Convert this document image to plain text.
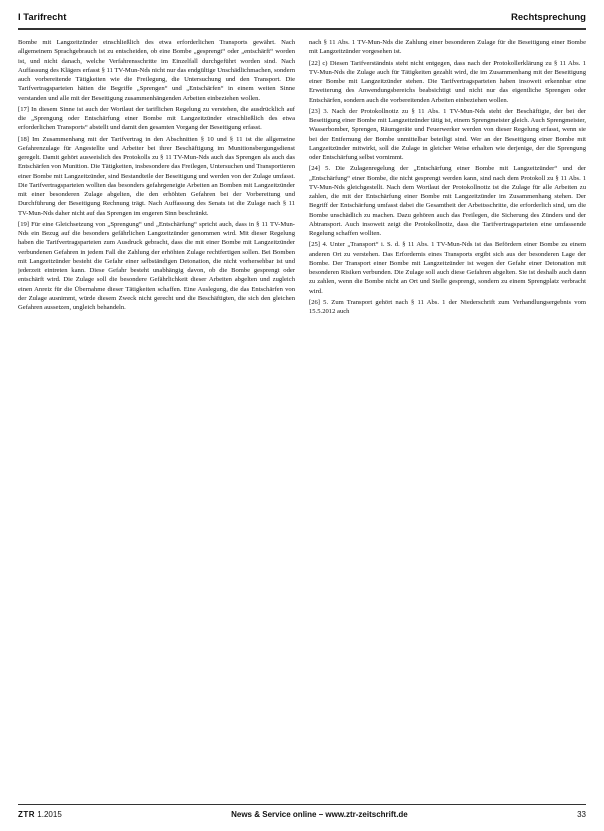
I Tarifrecht	Rechtsprechung

Bombe mit Langzeitzünder einschließlich des etwa erforderlichen Transports gewährt. Nach allgemeinem Sprachgebrauch ist zu entscheiden, ob eine Bombe „gesprengt“ oder „entschärft“ worden ist, und nicht danach, welche Verfahrensschritte im Einzelfall durchgeführt worden sind. Nach Auffassung des Klägers erfasst § 11 TV-Mun-Nds nicht nur das endgültige Unschädlichmachen, sondern auch vorbereitende Tätigkeiten wie die Freilegung, die Untersuchung und den Transport. Die Tarifvertragsparteien hätten die Begriffe „Sprengen“ und „Entschärfen“ in einem weiten Sinne verstanden und alle mit der Beseitigung zusammenhängenden Arbeiten einbeziehen wollen.

[17] In diesem Sinne ist auch der Wortlaut der tariflichen Regelung zu verstehen, die ausdrücklich auf die „Sprengung oder Entschärfung einer Bombe mit Langzeitzünder einschließlich des etwa erforderlichen Transports“ abstellt und damit den gesamten Vorgang der Beseitigung erfasst.

[18] Im Zusammenhang mit der Tarifvertrag in den Abschnitten § 10 und § 11 ist die allgemeine Gefahrenzulage für Angestellte und Arbeiter bei ihrer Beschäftigung im Munitionsbergungsdienst geregelt. Damit gehört ausweislich des Protokolls zu § 11 TV-Mun-Nds auch das Sprengen als auch das Entschärfen von Munition. Die Tätigkeiten, insbesondere das Freilegen, Untersuchen und Transportieren einer Bombe mit Langzeitzünder, sind Bestandteile der Beseitigung und werden von der Zulage umfasst. Die Tarifvertragsparteien wollten das besonders gefahrgeneigte Arbeiten an Bomben mit Langzeitzünder mit einer besonderen Zulage abgelten, die den erhöhten Gefahren bei der Vorbereitung und Durchführung der Beseitigung Rechnung trägt. Nach Auffassung des Senats ist die Zulage nach § 11 TV-Mun-Nds daher nicht auf das Sprengen im engeren Sinn beschränkt.

[19] Für eine Gleichsetzung von „Sprengung“ und „Entschärfung“ spricht auch, dass in § 11 TV-Mun-Nds ein Bezug auf die besonders gefährlichen Langzeitzünder genommen wird. Mit dieser Regelung haben die Tarifvertragsparteien zum Ausdruck gebracht, dass die mit einer Bombe mit Langzeitzünder verbundenen Gefahren in jedem Fall die Zahlung der erhöhten Zulage rechtfertigen sollen. Bei Bomben mit Langzeitzünder besteht die Gefahr einer selbständigen Detonation, die nicht vorhersehbar ist und jederzeit eintreten kann. Diese Gefahr besteht unabhängig davon, ob die Bombe gesprengt oder entschärft wird. Die Zulage soll die besondere Gefährlichkeit dieser Arbeiten abgelten und zugleich einen Anreiz für die Übernahme dieser Tätigkeiten schaffen. Eine Auslegung, die das Entschärfen von der Zulage ausnimmt, würde diesem Zweck nicht gerecht und die Beschäftigten, die sich den gleichen Gefahren aussetzen, ungleich behandeln.

nach § 11 Abs. 1 TV-Mun-Nds die Zahlung einer besonderen Zulage für die Beseitigung einer Bombe mit Langzeitzünder vorgesehen ist.

[22] c) Diesen Tarifverständnis steht nicht entgegen, dass nach der Protokollerklärung zu § 11 Abs. 1 TV-Mun-Nds die Zulage auch für Tätigkeiten gezahlt wird, die im Zusammenhang mit der Beseitigung einer Bombe mit Langzeitzünder stehen. Die Tarifvertragsparteien haben insoweit erkennbar eine Erweiterung des Anwendungsbereichs beabsichtigt und nicht nur das eigentliche Sprengen oder Entschärfen, sondern auch die vorbereitenden Arbeiten einbeziehen wollen.

[23] 3. Nach der Protokollnotiz zu § 11 Abs. 1 TV-Mun-Nds steht der Beschäftigte, der bei der Beseitigung einer Bombe mit Langzeitzünder tätig ist, einem Sprengmeister gleich. Auch Sprengmeister, Wasserbomber, Sprengen, Räumgeräte und Feuerwerker werden von dieser Regelung erfasst, wenn sie bei der Entfernung der Bombe unmittelbar beteiligt sind. Wer an der Beseitigung einer Bombe mit Langzeitzünder mitwirkt, soll die Zulage in gleicher Weise erhalten wie derjenige, der die Sprengung oder Entschärfung selbst vornimmt.

[24] 5. Die Zulagenregelung der „Entschärfung einer Bombe mit Langzeitzünder“ und der „Entschärfung“ einer Bombe, die nicht gesprengt werden kann, sind nach dem Protokoll zu § 11 Abs. 1 TV-Mun-Nds gleichgestellt. Nach dem Wortlaut der Protokollnotiz ist die Zulage für alle Arbeiten zu zahlen, die mit der Entschärfung einer Bombe mit Langzeitzünder im Zusammenhang stehen. Der Begriff der Entschärfung umfasst dabei die Gesamtheit der Arbeitsschritte, die erforderlich sind, um die Bombe unschädlich zu machen. Dazu gehören auch das Freilegen, die Sicherung des Zünders und der Abtransport. Auch insoweit zeigt die Protokollnotiz, dass die Tarifvertragsparteien eine umfassende Regelung schaffen wollten.

[25] 4. Unter „Transport“ i. S. d. § 11 Abs. 1 TV-Mun-Nds ist das Befördern einer Bombe zu einem anderen Ort zu verstehen. Das Erfordernis eines Transports ergibt sich aus der besonderen Lage der Bombe. Der Transport einer Bombe mit Langzeitzünder ist wegen der Gefahr einer Detonation mit besonderen Risiken verbunden. Die Zulage soll auch diese Gefahren abgelten. Sie ist deshalb auch dann zu zahlen, wenn die Bombe nicht an Ort und Stelle gesprengt, sondern zu einem Sprengplatz verbracht wird.

[26] 5. Zum Transport gehört nach § 11 Abs. 1 der Niederschrift zum Verhandlungsergebnis vom 15.5.2012 auch

ZTR 1.2015	News & Service online – www.ztr-zeitschrift.de	33
